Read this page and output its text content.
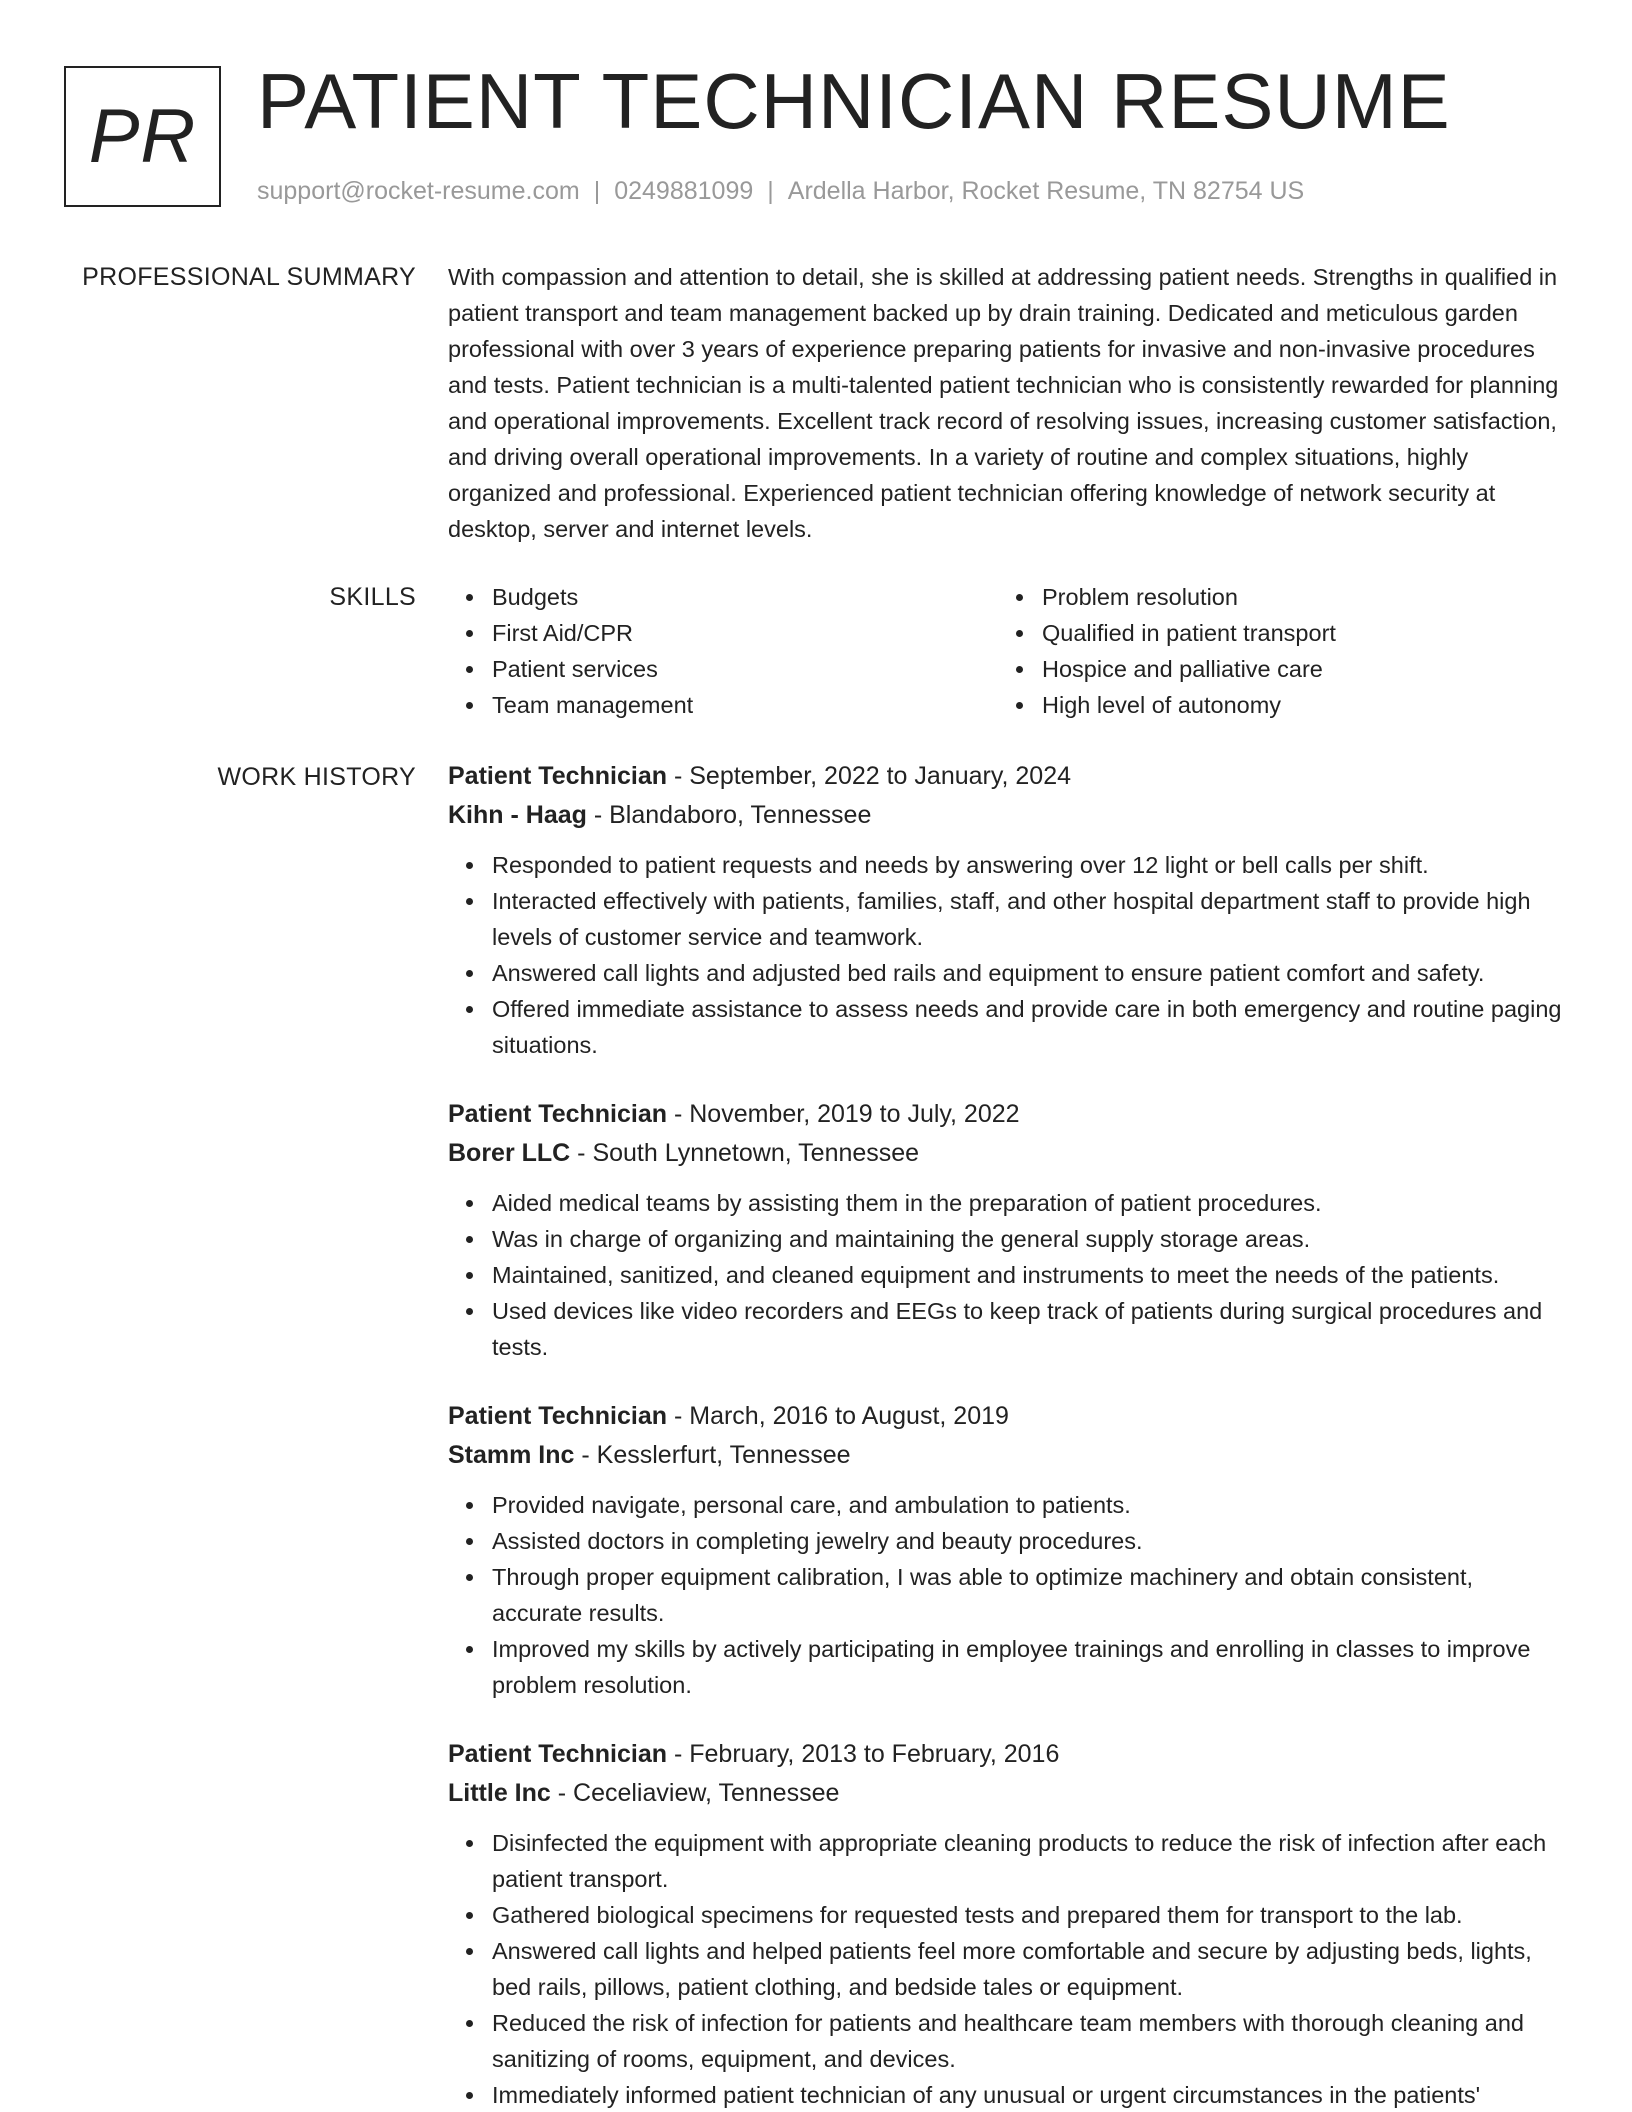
PR PATIENT TECHNICIAN RESUME
support@rocket-resume.com | 0249881099 | Ardella Harbor, Rocket Resume, TN 82754 US
PROFESSIONAL SUMMARY With compassion and attention to detail, she is skilled at addressing patient needs. Strengths in qualified in patient transport and team management backed up by drain training. Dedicated and meticulous garden professional with over 3 years of experience preparing patients for invasive and non-invasive procedures and tests. Patient technician is a multi-talented patient technician who is consistently rewarded for planning and operational improvements. Excellent track record of resolving issues, increasing customer satisfaction, and driving overall operational improvements. In a variety of routine and complex situations, highly organized and professional. Experienced patient technician offering knowledge of network security at desktop, server and internet levels.

SKILLS	Budgets
First Aid/CPR
Patient services
Team management
Problem resolution
Qualified in patient transport
Hospice and palliative care
High level of autonomy
WORK HISTORY Patient Technician - September, 2022 to January, 2024

Kihn - Haag - Blandaboro, Tennessee

Responded to patient requests and needs by answering over 12 light or bell calls per shift.
Interacted effectively with patients, families, staff, and other hospital department staff to provide high levels of customer service and teamwork.
Answered call lights and adjusted bed rails and equipment to ensure patient comfort and safety.
Offered immediate assistance to assess needs and provide care in both emergency and routine paging situations.

Patient Technician - November, 2019 to July, 2022

Borer LLC - South Lynnetown, Tennessee

Aided medical teams by assisting them in the preparation of patient procedures.
Was in charge of organizing and maintaining the general supply storage areas.
Maintained, sanitized, and cleaned equipment and instruments to meet the needs of the patients.
Used devices like video recorders and EEGs to keep track of patients during surgical procedures and tests.

Patient Technician - March, 2016 to August, 2019

Stamm Inc - Kesslerfurt, Tennessee

Provided navigate, personal care, and ambulation to patients.
Assisted doctors in completing jewelry and beauty procedures.
Through proper equipment calibration, I was able to optimize machinery and obtain consistent, accurate results.
Improved my skills by actively participating in employee trainings and enrolling in classes to improve problem resolution.

Patient Technician - February, 2013 to February, 2016

Little Inc - Ceceliaview, Tennessee

Disinfected the equipment with appropriate cleaning products to reduce the risk of infection after each patient transport.
Gathered biological specimens for requested tests and prepared them for transport to the lab.
Answered call lights and helped patients feel more comfortable and secure by adjusting beds, lights, bed rails, pillows, patient clothing, and bedside tales or equipment.
Reduced the risk of infection for patients and healthcare team members with thorough cleaning and sanitizing of rooms, equipment, and devices.
Immediately informed patient technician of any unusual or urgent circumstances in the patients'
